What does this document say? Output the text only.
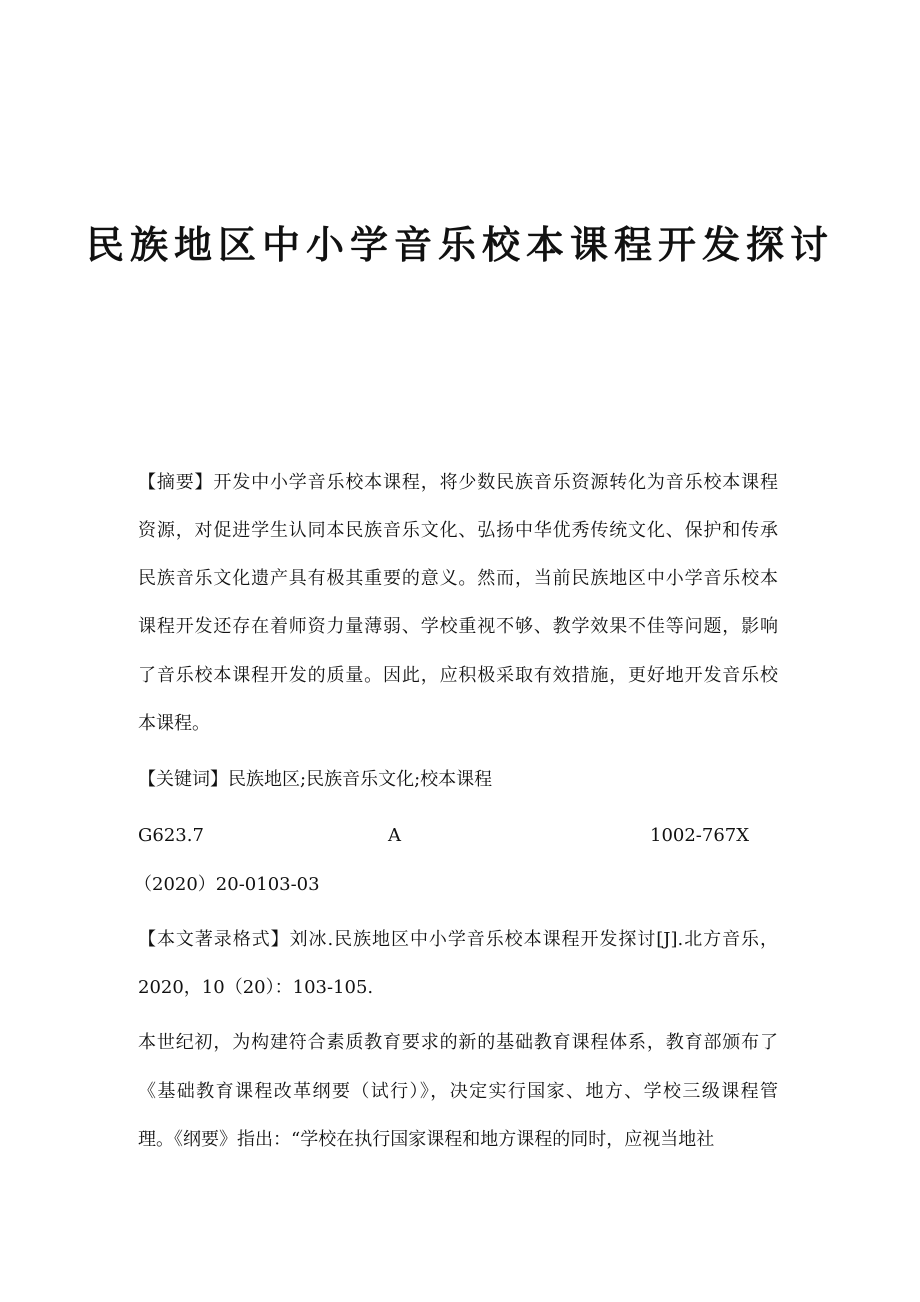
民族地区中小学音乐校本课程开发探讨
【摘要】开发中小学音乐校本课程，将少数民族音乐资源转化为音乐校本课程
资源，对促进学生认同本民族音乐文化、弘扬中华优秀传统文化、保护和传承
民族音乐文化遗产具有极其重要的意义。然而，当前民族地区中小学音乐校本
课程开发还存在着师资力量薄弱、学校重视不够、教学效果不佳等问题，影响
了音乐校本课程开发的质量。因此，应积极采取有效措施，更好地开发音乐校
本课程。
【关键词】民族地区;民族音乐文化;校本课程
G623.7	A	1002-767X
（2020）20-0103-03
【本文著录格式】刘冰.民族地区中小学音乐校本课程开发探讨[J].北方音乐，
2020，10（20）：103-105.
本世纪初，为构建符合素质教育要求的新的基础教育课程体系，教育部颁布了
《基础教育课程改革纲要（试行）》，决定实行国家、地方、学校三级课程管
理。《纲要》指出：“学校在执行国家课程和地方课程的同时，应视当地社
